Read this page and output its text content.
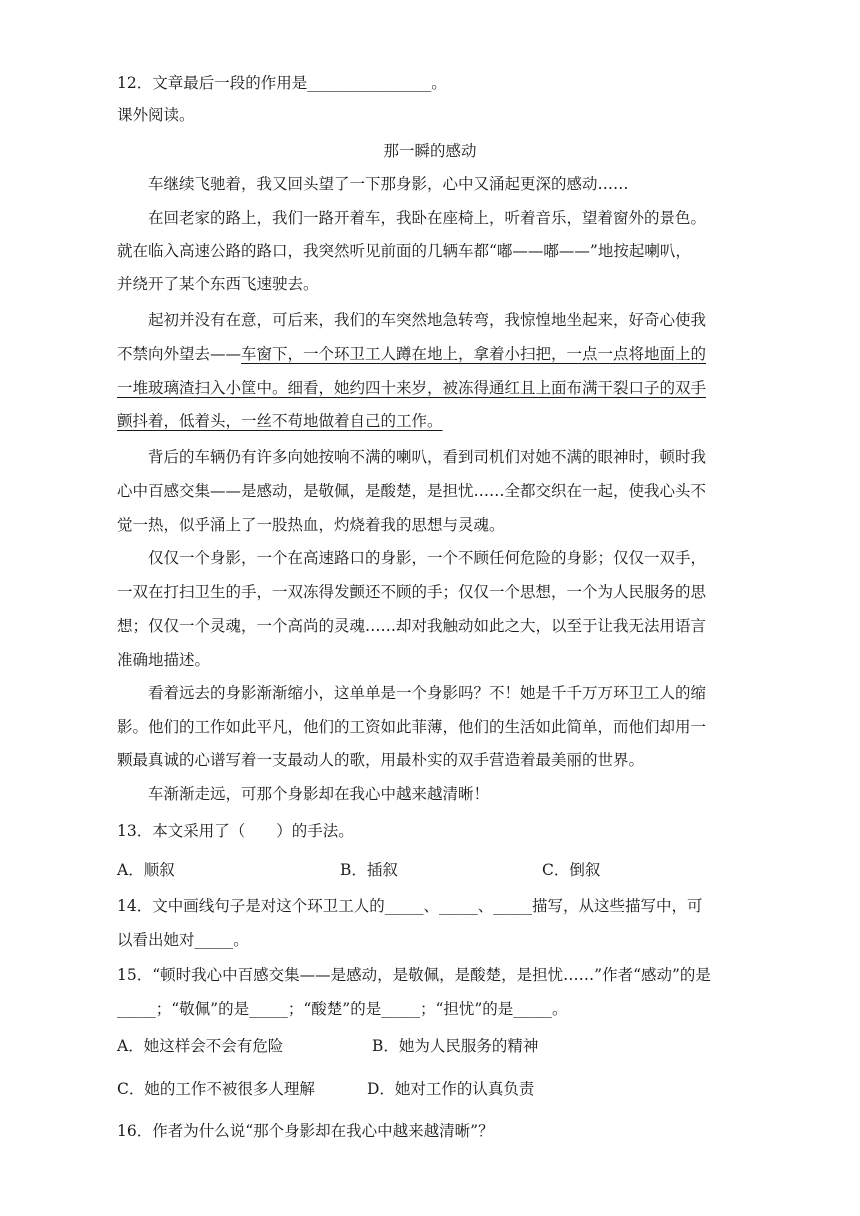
12．文章最后一段的作用是________________。
课外阅读。
那一瞬的感动
车继续飞驰着，我又回头望了一下那身影，心中又涌起更深的感动……
在回老家的路上，我们一路开着车，我卧在座椅上，听着音乐，望着窗外的景色。
就在临入高速公路的路口，我突然听见前面的几辆车都“嘟——嘟——”地按起喇叭，
并绕开了某个东西飞速驶去。
起初并没有在意，可后来，我们的车突然地急转弯，我惊惶地坐起来，好奇心使我
不禁向外望去——车窗下，一个环卫工人蹲在地上，拿着小扫把，一点一点将地面上的
一堆玻璃渣扫入小筐中。细看，她约四十来岁，被冻得通红且上面布满干裂口子的双手
颤抖着，低着头，一丝不苟地做着自己的工作。
背后的车辆仍有许多向她按响不满的喇叭，看到司机们对她不满的眼神时，顿时我
心中百感交集——是感动，是敬佩，是酸楚，是担忧……全都交织在一起，使我心头不
觉一热，似乎涌上了一股热血，灼烧着我的思想与灵魂。
仅仅一个身影，一个在高速路口的身影，一个不顾任何危险的身影；仅仅一双手，
一双在打扫卫生的手，一双冻得发颤还不顾的手；仅仅一个思想，一个为人民服务的思
想；仅仅一个灵魂，一个高尚的灵魂……却对我触动如此之大，以至于让我无法用语言
准确地描述。
看着远去的身影渐渐缩小，这单单是一个身影吗？不！她是千千万万环卫工人的缩
影。他们的工作如此平凡，他们的工资如此菲薄，他们的生活如此简单，而他们却用一
颗最真诚的心谱写着一支最动人的歌，用最朴实的双手营造着最美丽的世界。
车渐渐走远，可那个身影却在我心中越来越清晰！
13．本文采用了（　　）的手法。
A．顺叙	B．插叙	C．倒叙
14．文中画线句子是对这个环卫工人的_____、_____、_____描写，从这些描写中，可
以看出她对_____。
15．“顿时我心中百感交集——是感动，是敬佩，是酸楚，是担忧……”作者“感动”的是
_____；“敬佩”的是_____；“酸楚”的是_____；“担忧”的是_____。
A．她这样会不会有危险	B．她为人民服务的精神
C．她的工作不被很多人理解	D．她对工作的认真负责
16．作者为什么说“那个身影却在我心中越来越清晰”？
